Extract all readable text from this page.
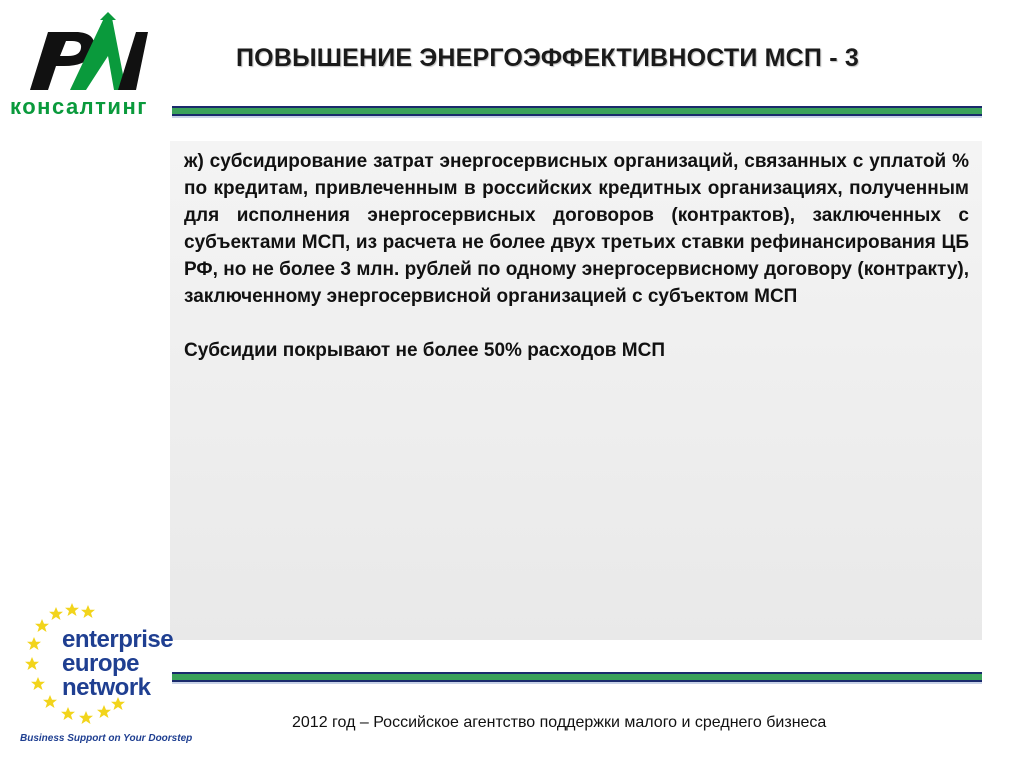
консалтинг
ПОВЫШЕНИЕ ЭНЕРГОЭФФЕКТИВНОСТИ МСП - 3

ж) субсидирование затрат энергосервисных организаций, связанных с уплатой % по кредитам, привлеченным в российских кредитных организациях, полученным для исполнения энергосервисных договоров (контрактов), заключенных с субъектами МСП, из расчета не более двух третьих ставки рефинансирования ЦБ РФ, но не более 3 млн. рублей по одному энергосервисному договору (контракту), заключенному энергосервисной организацией с субъектом МСП

Субсидии покрывают не более 50% расходов МСП

enterprise
europe
network
Business Support on Your Doorstep
2012 год – Российское агентство поддержки малого и среднего бизнеса
